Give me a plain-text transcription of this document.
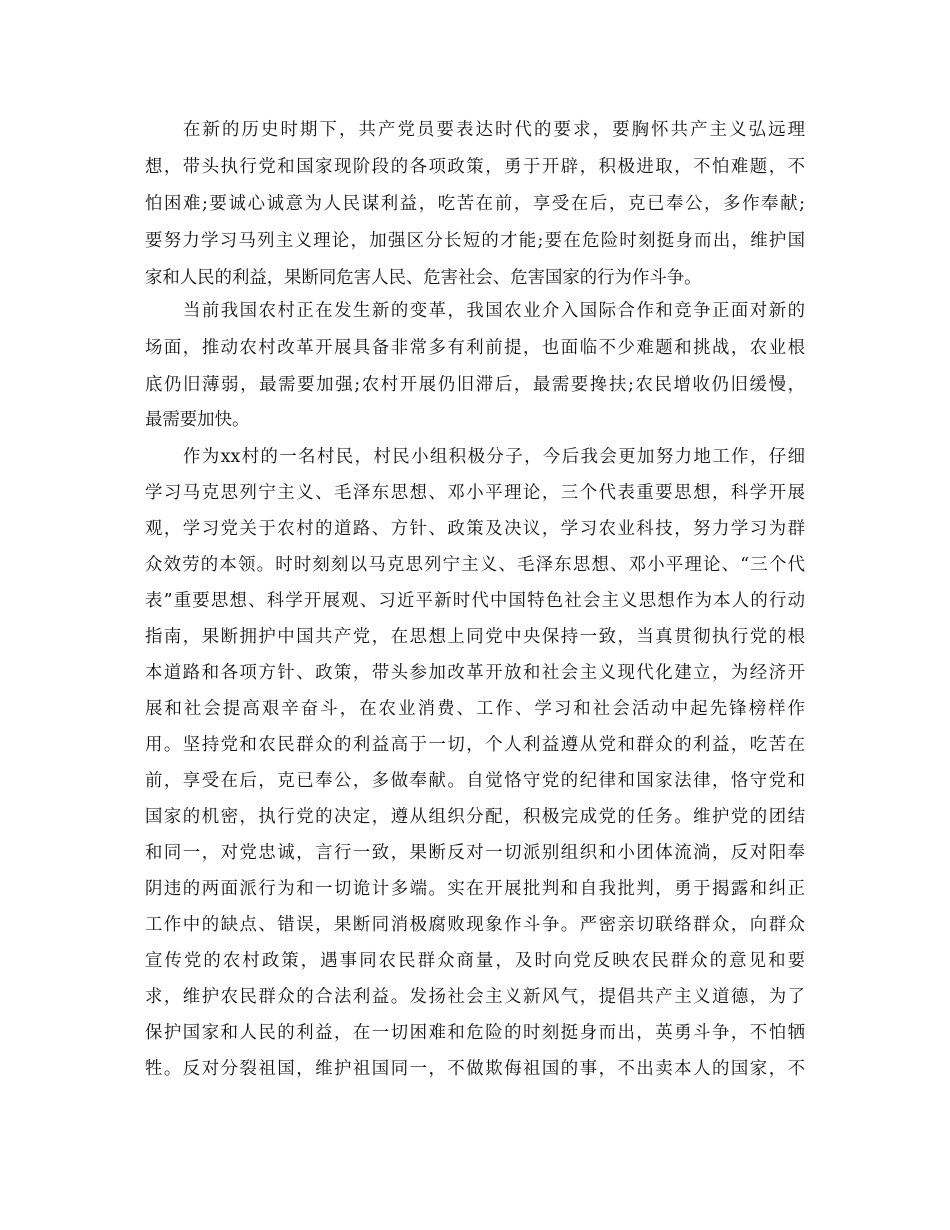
在新的历史时期下，共产党员要表达时代的要求，要胸怀共产主义弘远理

想，带头执行党和国家现阶段的各项政策，勇于开辟，积极进取，不怕难题，不

怕困难;要诚心诚意为人民谋利益，吃苦在前，享受在后，克已奉公，多作奉献;

要努力学习马列主义理论，加强区分长短的才能;要在危险时刻挺身而出，维护国

家和人民的利益，果断同危害人民、危害社会、危害国家的行为作斗争。

当前我国农村正在发生新的变革，我国农业介入国际合作和竞争正面对新的

场面，推动农村改革开展具备非常多有利前提，也面临不少难题和挑战，农业根

底仍旧薄弱，最需要加强;农村开展仍旧滞后，最需要搀扶;农民增收仍旧缓慢，

最需要加快。

作为xx村的一名村民，村民小组积极分子，今后我会更加努力地工作，仔细

学习马克思列宁主义、毛泽东思想、邓小平理论，三个代表重要思想，科学开展

观，学习党关于农村的道路、方针、政策及决议，学习农业科技，努力学习为群

众效劳的本领。时时刻刻以马克思列宁主义、毛泽东思想、邓小平理论、“三个代

表”重要思想、科学开展观、习近平新时代中国特色社会主义思想作为本人的行动

指南，果断拥护中国共产党，在思想上同党中央保持一致，当真贯彻执行党的根

本道路和各项方针、政策，带头参加改革开放和社会主义现代化建立，为经济开

展和社会提高艰辛奋斗，在农业消费、工作、学习和社会活动中起先锋榜样作

用。坚持党和农民群众的利益高于一切，个人利益遵从党和群众的利益，吃苦在

前，享受在后，克已奉公，多做奉献。自觉恪守党的纪律和国家法律，恪守党和

国家的机密，执行党的决定，遵从组织分配，积极完成党的任务。维护党的团结

和同一，对党忠诚，言行一致，果断反对一切派别组织和小团体流淌，反对阳奉

阴违的两面派行为和一切诡计多端。实在开展批判和自我批判，勇于揭露和纠正

工作中的缺点、错误，果断同消极腐败现象作斗争。严密亲切联络群众，向群众

宣传党的农村政策，遇事同农民群众商量，及时向党反映农民群众的意见和要

求，维护农民群众的合法利益。发扬社会主义新风气，提倡共产主义道德，为了

保护国家和人民的利益，在一切困难和危险的时刻挺身而出，英勇斗争，不怕牺

牲。反对分裂祖国，维护祖国同一，不做欺侮祖国的事，不出卖本人的国家，不
